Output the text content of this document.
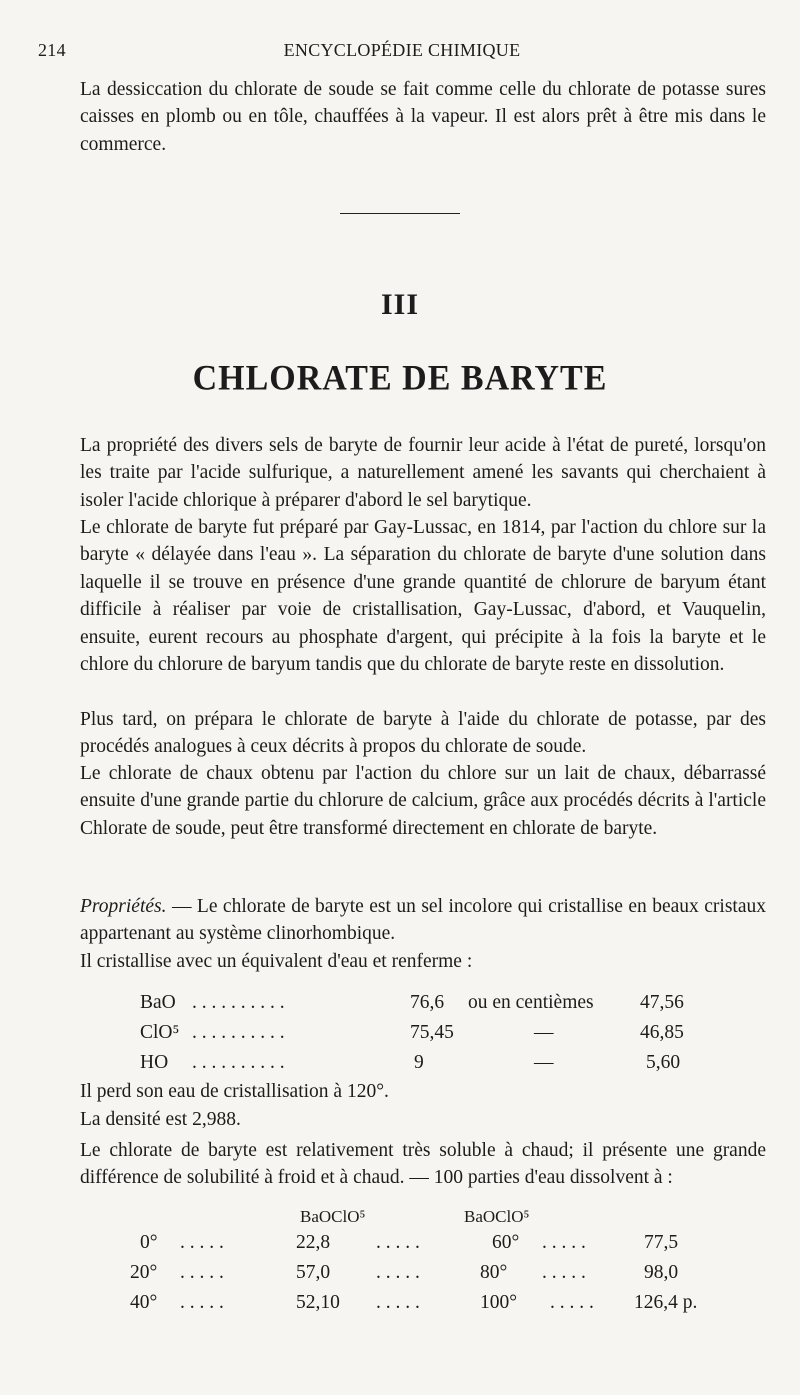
214	ENCYCLOPÉDIE CHIMIQUE

La dessiccation du chlorate de soude se fait comme celle du chlorate de potasse sures caisses en plomb ou en tôle, chauffées à la vapeur. Il est alors prêt à être mis dans le commerce.

III
CHLORATE DE BARYTE

La propriété des divers sels de baryte de fournir leur acide à l'état de pureté, lorsqu'on les traite par l'acide sulfurique, a naturellement amené les savants qui cherchaient à isoler l'acide chlorique à préparer d'abord le sel barytique.

Le chlorate de baryte fut préparé par Gay-Lussac, en 1814, par l'action du chlore sur la baryte « délayée dans l'eau ». La séparation du chlorate de baryte d'une solution dans laquelle il se trouve en présence d'une grande quantité de chlorure de baryum étant difficile à réaliser par voie de cristallisation, Gay-Lussac, d'abord, et Vauquelin, ensuite, eurent recours au phosphate d'argent, qui précipite à la fois la baryte et le chlore du chlorure de baryum tandis que du chlorate de baryte reste en dissolution.

Plus tard, on prépara le chlorate de baryte à l'aide du chlorate de potasse, par des procédés analogues à ceux décrits à propos du chlorate de soude.

Le chlorate de chaux obtenu par l'action du chlore sur un lait de chaux, débarrassé ensuite d'une grande partie du chlorure de calcium, grâce aux procédés décrits à l'article Chlorate de soude, peut être transformé directement en chlorate de baryte.

Propriétés. — Le chlorate de baryte est un sel incolore qui cristallise en beaux cristaux appartenant au système clinorhombique.

Il cristallise avec un équivalent d'eau et renferme :

BaO . . . . . . . . . .	76,6 ou en centièmes 47,56
ClO⁵ . . . . . . . . . .	75,45	—	46,85
HO . . . . . . . . . .	9	—	5,60

Il perd son eau de cristallisation à 120°.

La densité est 2,988.

Le chlorate de baryte est relativement très soluble à chaud; il présente une grande différence de solubilité à froid et à chaud. — 100 parties d'eau dissolvent à :

BaOClO⁵	BaOClO⁵
0° . . . . .	22,8 . . . . .	60° . . . . .	77,5
20° . . . . .	57,0 . . . . .	80° . . . . .	98,0
40° . . . . .	52,10 . . . . .	100° . . . . . 126,4 p.
